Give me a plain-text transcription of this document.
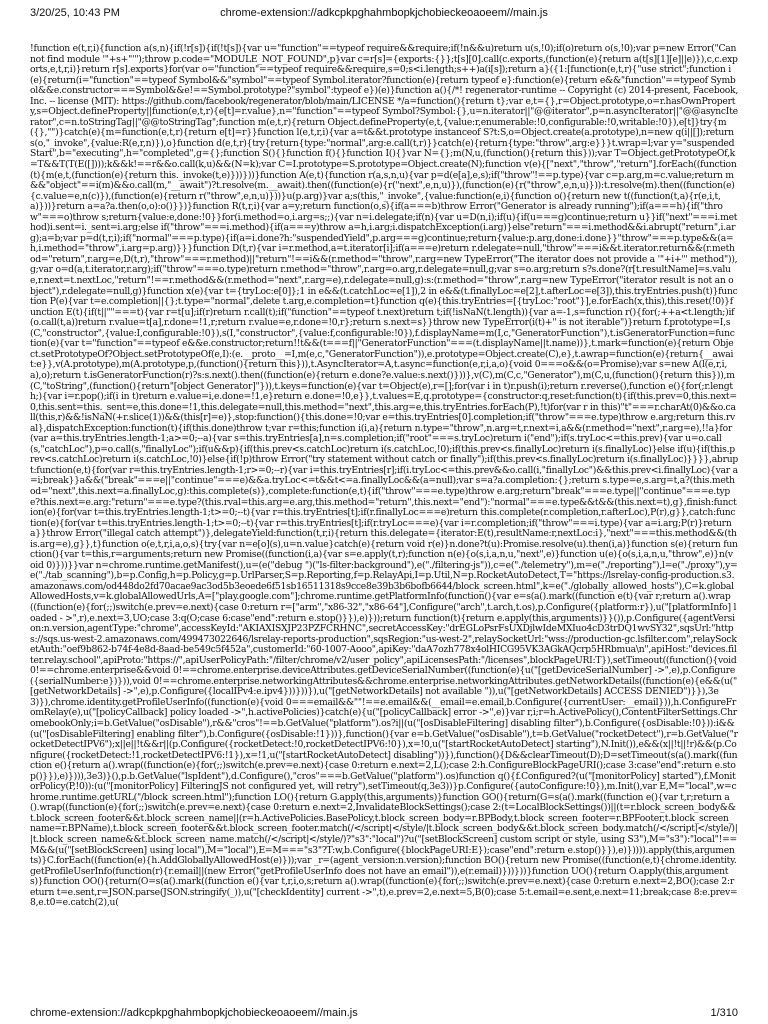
3/20/25, 10:43 PM	chrome-extension://adkcpkpghahmbopkjchobieckeoaoeem//main.js
!function e(t,r,i){function a(s,n){if(!r[s]){if(!t[s]){var u="function"==typeof require&&require;if(!n&&u)return u(s,!0);if(o)return o(s,!0);var p=new Error("Cannot find module '"+s+"'");throw p.code="MODULE_NOT_FOUND",p}var c=r[s]={exports:{}};t[s][0].call(c.exports,(function(e){return a(t[s][1][e]||e)}),c,c.exports,e,t,r,i)}return r[s].exports}for(var o="function"==typeof require&&require,s=0;s<i.length;s++)a(i[s]);return a}({1:[function(e,t,r){"use strict";function i(e){return(i="function"==typeof Symbol&&"symbol"==typeof Symbol.iterator?function(e){return typeof e}:function(e){return e&&"function"==typeof Symbol&&e.constructor===Symbol&&e!==Symbol.prototype?"symbol":typeof e})(e)}function a(){/*! regenerator-runtime -- Copyright (c) 2014-present, Facebook, Inc. -- license (MIT): https://github.com/facebook/regenerator/blob/main/LICENSE */a=function(){return t};var e,t={},r=Object.prototype,o=r.hasOwnProperty,s=Object.defineProperty||function(e,t,r){e[t]=r.value},n="function"==typeof Symbol?Symbol:{},u=n.iterator||"@@iterator",p=n.asyncIterator||"@@asyncIterator",c=n.toStringTag||"@@toStringTag";function m(e,t,r){return Object.defineProperty(e,t,{value:r,enumerable:!0,configurable:!0,writable:!0}),e[t]}try{m({},"")}catch(e){m=function(e,t,r){return e[t]=r}}function l(e,t,r,i){var a=t&&t.prototype instanceof S?t:S,o=Object.create(a.prototype),n=new q(i||[]);return s(o,"_invoke",{value:R(e,r,n)}),o}function d(e,t,r){try{return{type:"normal",arg:e.call(t,r)}}catch(e){return{type:"throw",arg:e}}}t.wrap=l;var y="suspendedStart",b="executing",h="completed",g={};function S(){}function f(){}function I(){}var N={};m(N,u,(function(){return this}));var T=Object.getPrototypeOf,k=T&&T(T(E([])));k&&k!==r&&o.call(k,u)&&(N=k);var C=I.prototype=S.prototype=Object.create(N);function v(e){["next","throw","return"].forEach((function(t){m(e,t,(function(e){return this._invoke(t,e)}))}))}function A(e,t){function r(a,s,n,u){var p=d(e[a],e,s);if("throw"!==p.type){var c=p.arg,m=c.value;return m&&"object"==i(m)&&o.call(m,"__await")?t.resolve(m.__await).then((function(e){r("next",e,n,u)}),(function(e){r("throw",e,n,u)})):t.resolve(m).then((function(e){c.value=e,n(c)}),(function(e){return r("throw",e,n,u)}))}u(p.arg)}var a;s(this,"_invoke",{value:function(e,i){function o(){return new t((function(t,a){r(e,i,t,a)}))}return a=a?a.then(o,o):o()}})}function R(t,r,i){var a=y;return function(o,s){if(a===b)throw Error("Generator is already running");if(a===h){if("throw"===o)throw s;return{value:e,done:!0}}for(i.method=o,i.arg=s;;){var n=i.delegate;if(n){var u=D(n,i);if(u){if(u===g)continue;return u}}if("next"===i.method)i.sent=i._sent=i.arg;else if("throw"===i.method){if(a===y)throw a=h,i.arg;i.dispatchException(i.arg)}else"return"===i.method&&i.abrupt("return",i.arg);a=b;var p=d(t,r,i);if("normal"===p.type){if(a=i.done?h:"suspendedYield",p.arg===g)continue;return{value:p.arg,done:i.done}}"throw"===p.type&&(a=h,i.method="throw",i.arg=p.arg)}}}function D(t,r){var i=r.method,a=t.iterator[i];if(a===e)return r.delegate=null,"throw"===i&&t.iterator.return&&(r.method="return",r.arg=e,D(t,r),"throw"===r.method)||"return"!==i&&(r.method="throw",r.arg=new TypeError("The iterator does not provide a '"+i+"' method")),g;var o=d(a,t.iterator,r.arg);if("throw"===o.type)return r.method="throw",r.arg=o.arg,r.delegate=null,g;var s=o.arg;return s?s.done?(r[t.resultName]=s.value,r.next=t.nextLoc,"return"!==r.method&&(r.method="next",r.arg=e),r.delegate=null,g):s:(r.method="throw",r.arg=new TypeError("iterator result is not an object"),r.delegate=null,g)}function x(e){var t={tryLoc:e[0]};1 in e&&(t.catchLoc=e[1]),2 in e&&(t.finallyLoc=e[2],t.afterLoc=e[3]),this.tryEntries.push(t)}function P(e){var t=e.completion||{};t.type="normal",delete t.arg,e.completion=t}function q(e){this.tryEntries=[{tryLoc:"root"}],e.forEach(x,this),this.reset(!0)}function E(t){if(t||""===t){var r=t[u];if(r)return r.call(t);if("function"==typeof t.next)return t;if(!isNaN(t.length)){var a=-1,s=function r(){for(;++a<t.length;)if(o.call(t,a))return r.value=t[a],r.done=!1,r;return r.value=e,r.done=!0,r};return s.next=s}}throw new TypeError(i(t)+" is not iterable")}return f.prototype=I,s(C,"constructor",{value:I,configurable:!0}),s(I,"constructor",{value:f,configurable:!0}),f.displayName=m(I,c,"GeneratorFunction"),t.isGeneratorFunction=function(e){var t="function"==typeof e&&e.constructor;return!!t&&(t===f||"GeneratorFunction"===(t.displayName||t.name))},t.mark=function(e){return Object.setPrototypeOf?Object.setPrototypeOf(e,I):(e.__proto__=I,m(e,c,"GeneratorFunction")),e.prototype=Object.create(C),e},t.awrap=function(e){return{__await:e}},v(A.prototype),m(A.prototype,p,(function(){return this})),t.AsyncIterator=A,t.async=function(e,r,i,a,o){void 0===o&&(o=Promise);var s=new A(l(e,r,i,a),o);return t.isGeneratorFunction(r)?s:s.next().then((function(e){return e.done?e.value:s.next()}))},v(C),m(C,c,"Generator"),m(C,u,(function(){return this})),m(C,"toString",(function(){return"[object Generator]"})),t.keys=function(e){var t=Object(e),r=[];for(var i in t)r.push(i);return r.reverse(),function e(){for(;r.length;){var i=r.pop();if(i in t)return e.value=i,e.done=!1,e}return e.done=!0,e}},t.values=E,q.prototype={constructor:q,reset:function(t){if(this.prev=0,this.next=0,this.sent=this._sent=e,this.done=!1,this.delegate=null,this.method="next",this.arg=e,this.tryEntries.forEach(P),!t)for(var r in this)"t"===r.charAt(0)&&o.call(this,r)&&!isNaN(+r.slice(1))&&(this[r]=e)},stop:function(){this.done=!0;var e=this.tryEntries[0].completion;if("throw"===e.type)throw e.arg;return this.rval},dispatchException:function(t){if(this.done)throw t;var r=this;function i(i,a){return n.type="throw",n.arg=t,r.next=i,a&&(r.method="next",r.arg=e),!!a}for(var a=this.tryEntries.length-1;a>=0;--a){var s=this.tryEntries[a],n=s.completion;if("root"===s.tryLoc)return i("end");if(s.tryLoc<=this.prev){var u=o.call(s,"catchLoc"),p=o.call(s,"finallyLoc");if(u&&p){if(this.prev<s.catchLoc)return i(s.catchLoc,!0);if(this.prev<s.finallyLoc)return i(s.finallyLoc)}else if(u){if(this.prev<s.catchLoc)return i(s.catchLoc,!0)}else{if(!p)throw Error("try statement without catch or finally");if(this.prev<s.finallyLoc)return i(s.finallyLoc)}}}},abrupt:function(e,t){for(var r=this.tryEntries.length-1;r>=0;--r){var i=this.tryEntries[r];if(i.tryLoc<=this.prev&&o.call(i,"finallyLoc")&&this.prev<i.finallyLoc){var a=i;break}}a&&("break"===e||"continue"===e)&&a.tryLoc<=t&&t<=a.finallyLoc&&(a=null);var s=a?a.completion:{};return s.type=e,s.arg=t,a?(this.method="next",this.next=a.finallyLoc,g):this.complete(s)},complete:function(e,t){if("throw"===e.type)throw e.arg;return"break"===e.type||"continue"===e.type?this.next=e.arg:"return"===e.type?(this.rval=this.arg=e.arg,this.method="return",this.next="end"):"normal"===e.type&&t&&(this.next=t),g},finish:function(e){for(var t=this.tryEntries.length-1;t>=0;--t){var r=this.tryEntries[t];if(r.finallyLoc===e)return this.complete(r.completion,r.afterLoc),P(r),g}},catch:function(e){for(var t=this.tryEntries.length-1;t>=0;--t){var r=this.tryEntries[t];if(r.tryLoc===e){var i=r.completion;if("throw"===i.type){var a=i.arg;P(r)}return a}}throw Error("illegal catch attempt")},delegateYield:function(t,r,i){return this.delegate={iterator:E(t),resultName:r,nextLoc:i},"next"===this.method&&(this.arg=e),g}},t}function o(e,t,r,i,a,o,s){try{var n=e[o](s),u=n.value}catch(e){return void r(e)}n.done?t(u):Promise.resolve(u).then(i,a)}function s(e){return function(){var t=this,r=arguments;return new Promise((function(i,a){var s=e.apply(t,r);function n(e){o(s,i,a,n,u,"next",e)}function u(e){o(s,i,a,n,u,"throw",e)}n(void 0)}))}}var n=chrome.runtime.getManifest(),u=(e("debug ")("ls-filter:background"),e("./filtering-js")),c=e("./telemetry"),m=e("./reporting"),l=e("./proxy"),y=e("./tab_scanning"),b=p.Config,h=p.Policy,g=p.UrlParser,S=p.Reporting,f=p.RelayApi,I=p.Util,N=p.RocketAutoDetect,T="https://lsrelay-config-production.s3.amazonaws.com/od448do2fd70acae9ac3od5b3eoede6f51sb16511318s9cce8e39b3b6bofb6644/block_screen.html",k=e("./globally_allowed_hosts"),C=k.globalAllowedHosts,v=k.globalAllowedUrls,A=["play.google.com"];chrome.runtime.getPlatformInfo(function(){var e=s(a().mark((function e(t){var r;return a().wrap((function(e){for(;;)switch(e.prev=e.next){case 0:return r=["arm","x86-32","x86-64"],Configure("arch",t.arch,t.os),p.Configure({platform:r}),u("[platformInfo] loaded - >",r),e.next=3,UO;case 3:q(O;case 6:case"end":return e.stop()}}),e)}));return function(t){return e.apply(this,arguments)}}()),p.Configure({agentVersion:n.version,agentType:"chrome",accessKeyId:"AKIAXISXJP23PZFCRHNC",secretAccessKey:"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",sqsUrl:"https://sqs.us-west-2.amazonaws.com/499473022646/lsrelay-reports-production",sqsRegion:"us-west-2",relaySocketUrl:"wss://production-gc.lsfilter.com",relaySocketAuth:"oef9b862-b74f-4e8d-8aad-be549c5f452a",customerId:"60-1007-Aooo",apiKey:"daA7ozh778x4olHICG95VK3AGkAQcrp5HRbmua\n",apiHost:"devices.filter.relay.school",apiProto:"https://",apiUserPolicyPath:"/filter/chrome/v2/user_policy",apiLicensesPath:"/licenses",blockPageURI:T}),setTimeout((function(){void 0!==chrome.enterprise&&void 0!==chrome.enterprise.deviceAttributes.getDeviceSerialNumber((function(e){u("[getDeviceSerialNumber] ->",e),p.Configure({serialNumber:e})})),void 0!==chrome.enterprise.networkingAttributes&&chrome.enterprise.networkingAttributes.getNetworkDetails((function(e){e&&(u("[getNetworkDetails] ->",e),p.Configure({localIPv4:e.ipv4}))}))}),u("[getNetworkDetails] not available ")),u("[getNetworkDetails] ACCESS DENIED")}}),3e3)}),chrome.identity.getProfileUserInfo((function(e){void 0===email&&""!==e.email&&(__email=e.email,b.Configure({currentUser:__email})),h.ConfigureFromRelay(e),u("[policyCallback] policy loaded ->",h.activePolicies)}catch(e){u("[policyCallback] error ->",e)}var r,i;r=h.ActivePolicy(),ContentFilterSettings.ChromebookOnly;i=b.GetValue("osDisable"),r&&"cros"!==b.GetValue("platform").os?i||(u("[osDisableFiltering] disabling filter"),b.Configure({osDisable:!0})):i&&(u("[osDisableFiltering] enabling filter"),b.Configure({osDisable:!1}))},function(){var e=b.GetValue("osDisable"),t=b.GetValue("rocketDetect"),r=b.GetValue("rocketDetectIPV6");x||e||!t&&r||(p.Configure({rocketDetect:!0,rocketDetectIPV6:!0}),x=!0,u("[startRocketAutoDetect] starting"),N.Init()),e&&(x||!t||!r)&&(p.Configure({rocketDetect:!1,rocketDetectIPV6:!1}),x=!1,u("[startRocketAutoDetect] disabling"))}),function(){D&&clearTimeout(D);D=setTimeout(s(a().mark((function e(){return a().wrap((function(e){for(;;)switch(e.prev=e.next){case 0:return e.next=2,L();case 2:h.ConfigureBlockPageURI();case 3:case"end":return e.stop()}}),e)}))),3e3)}(),p.b.GetValue("lspIdent"),d.Configure(),"cros"===b.GetValue("platform").os)function q(){f.Configured?(u("[monitorPolicy] started"),f.MonitorPolicy(P,!0)):(u("[monitorPolicy] FilteringJS not configured yet, will retry"),setTimeout(q,3e3))}p.Configure({autoConfigure:!0}),m.Init(),var E,M="local",w=chrome.runtime.getURL("/block_screen.html");function LO(){return G.apply(this,arguments)}function GO(){return(G=s(a().mark((function e(){var t,r;return a().wrap((function(e){for(;;)switch(e.prev=e.next){case 0:return e.next=2,InvalidateBlockSettings();case 2:(t=LocalBlockSettings())||(t=r.block_screen_body&&t.block_screen_footer&&t.block_screen_name||(r=h.ActivePolicies.BasePolicy,t.block_screen_body=r.BPBody,t.block_screen_footer=r.BPFooter,t.block_screen_name=r.BPName),t.block_screen_footer&&t.block_screen_footer.match(/</script|</style/|t.block_screen_body&&t.block_screen_body.match(/</script|</style/)||t.block_screen_name&&t.block_screen_name.match(/</script|</style/)?"s3":"local")?u("[setBlockScreen] custom script or style, using S3"),M="s3"):"local"!==M&&(u("[setBlockScreen] using local"),M="local"),E=M==="s3"?T:w,b.Configure({blockPageURI:E});case"end":return e.stop()}}),e)})))).apply(this,arguments)}C.forEach((function(e){h.AddGloballyAllowedHost(e)}));var _r=(agent_version:n.version);function BO(){return new Promise((function(e,t){chrome.identity.getProfileUserInfo(function(r){r.email||(new Error("getProfileUserInfo does not have an email")),e(r.email)}))}))}function UO(){return O.apply(this,arguments)}function OO(){return(O=s(a().mark((function e(){var t,r,i,o,s;return a().wrap((function(e){for(;;)switch(e.prev=e.next){case 0:return e.next=2,BO();case 2:return t=e.sent,r=JSON.parse(JSON.stringify(_)),u("[checkIdentity] current ->",t),e.prev=2,e.next=5,B(0);case 5:t.email=e.sent,e.next=11;break;case 8:e.prev=8,e.t0=e.catch(2),u(
chrome-extension://adkcpkpghahmbopkjchobieckeoaoeem//main.js	1/310
